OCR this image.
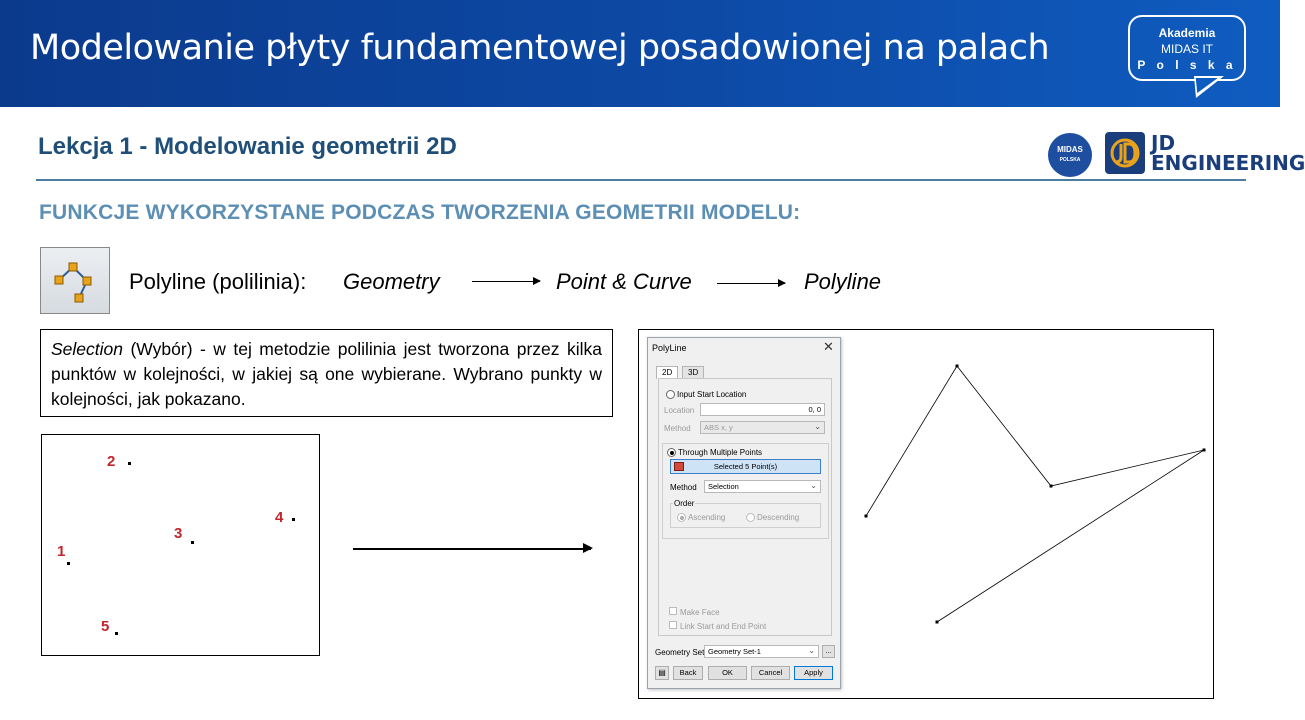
Modelowanie płyty fundamentowej posadowionej na palach	Akademia
MIDAS IT
P o l s k a
Lekcja 1 - Modelowanie geometrii 2D	MIDAS
POLSKA
JD
ENGINEERING
FUNKCJE WYKORZYSTANE PODCZAS TWORZENIA GEOMETRII MODELU:
Polyline (polilinia): Geometry	Point & Curve	Polyline
Selection (Wybór) - w tej metodzie polilinia jest tworzona przez kilka punktów w kolejności, w jakiej są one wybierane. Wybrano punkty w kolejności, jak pokazano.
2
4
3
1
5
PolyLine	✕
2D	3D
Input Start Location
Location	0, 0
Method	ABS x, y	⌄
Through Multiple Points
Selected 5 Point(s)
Method	Selection	⌄
Order
Ascending	Descending
Make Face
Link Start and End Point
Geometry Set Geometry Set-1	⌄	...
▤	Back	OK	Cancel	Apply
